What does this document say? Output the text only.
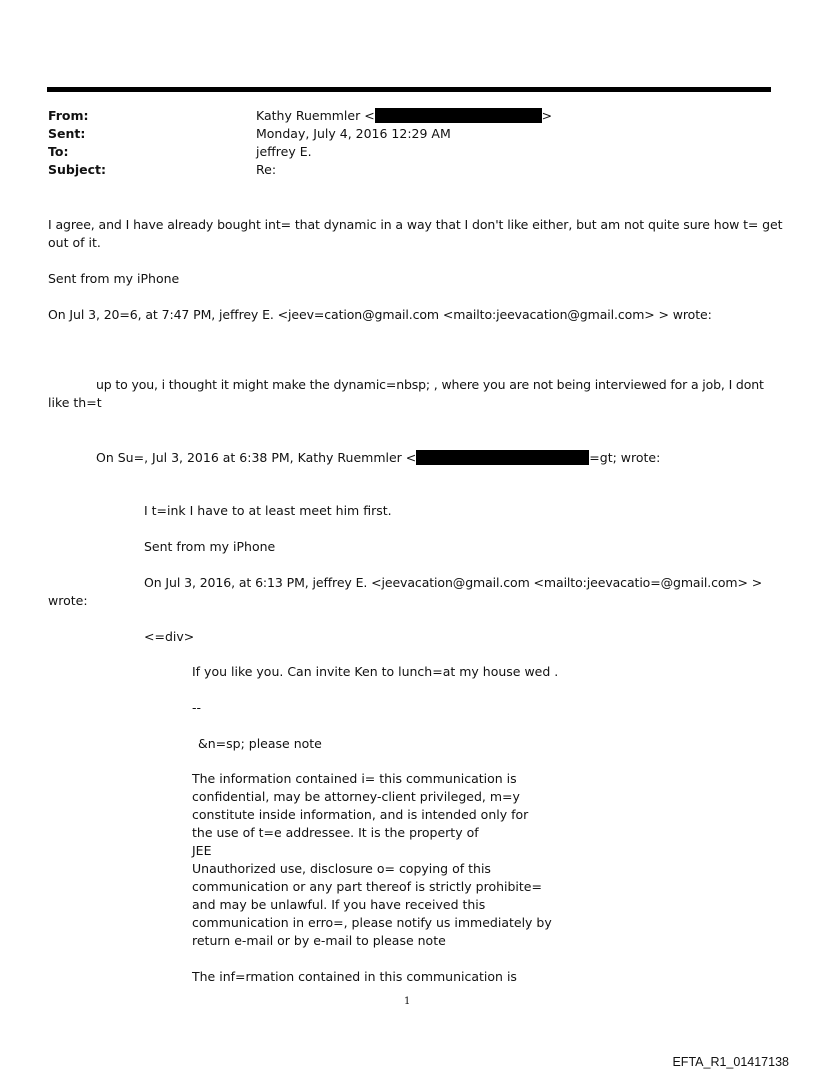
From:	Kathy Ruemmler <	>
Sent:	Monday, July 4, 2016 12:29 AM
To:	jeffrey E.
Subject:	Re:
I agree, and I have already bought int= that dynamic in a way that I don't like either, but am not quite sure how t= get
out of it.
Sent from my iPhone
On Jul 3, 20=6, at 7:47 PM, jeffrey E. <jeev=cation@gmail.com <mailto:jeevacation@gmail.com> > wrote:
up to you, i thought it might make the dynamic=nbsp; , where you are not being interviewed for a job, I dont
like th=t
On Su=, Jul 3, 2016 at 6:38 PM, Kathy Ruemmler <	=gt; wrote:
I t=ink I have to at least meet him first.
Sent from my iPhone
On Jul 3, 2016, at 6:13 PM, jeffrey E. <jeevacation@gmail.com <mailto:jeevacatio=@gmail.com> >
wrote:
<=div>
If you like you. Can invite Ken to lunch=at my house wed .
--
&n=sp; please note
The information contained i= this communication is
confidential, may be attorney-client privileged, m=y
constitute inside information, and is intended only for
the use of t=e addressee. It is the property of
JEE
Unauthorized use, disclosure o= copying of this
communication or any part thereof is strictly prohibite=
and may be unlawful. If you have received this
communication in erro=, please notify us immediately by
return e-mail or by e-mail to please note
The inf=rmation contained in this communication is
1
EFTA_R1_01417138
